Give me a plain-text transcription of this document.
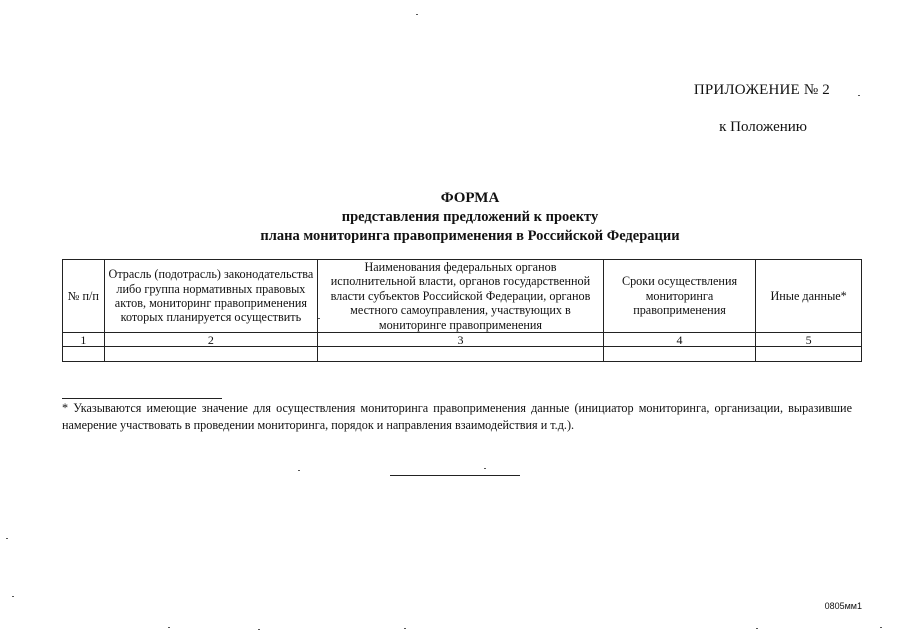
ПРИЛОЖЕНИЕ № 2
к Положению
ФОРМА
представления предложений к проекту
плана мониторинга правоприменения в Российской Федерации
№ п/п	Отрасль (подотрасль) законодательства либо группа нормативных правовых актов, мониторинг правоприменения которых планируется осуществить	Наименования федеральных органов исполнительной власти, органов государственной власти субъектов Российской Федерации, органов местного самоуправления, участвующих в мониторинге правоприменения	Сроки осуществления мониторинга правоприменения	Иные данные*
1	2	3	4	5

* Указываются имеющие значение для осуществления мониторинга правоприменения данные (инициатор мониторинга, организации, выразившие намерение участвовать в проведении мониторинга, порядок и направления взаимодействия и т.д.).
0805мм1
